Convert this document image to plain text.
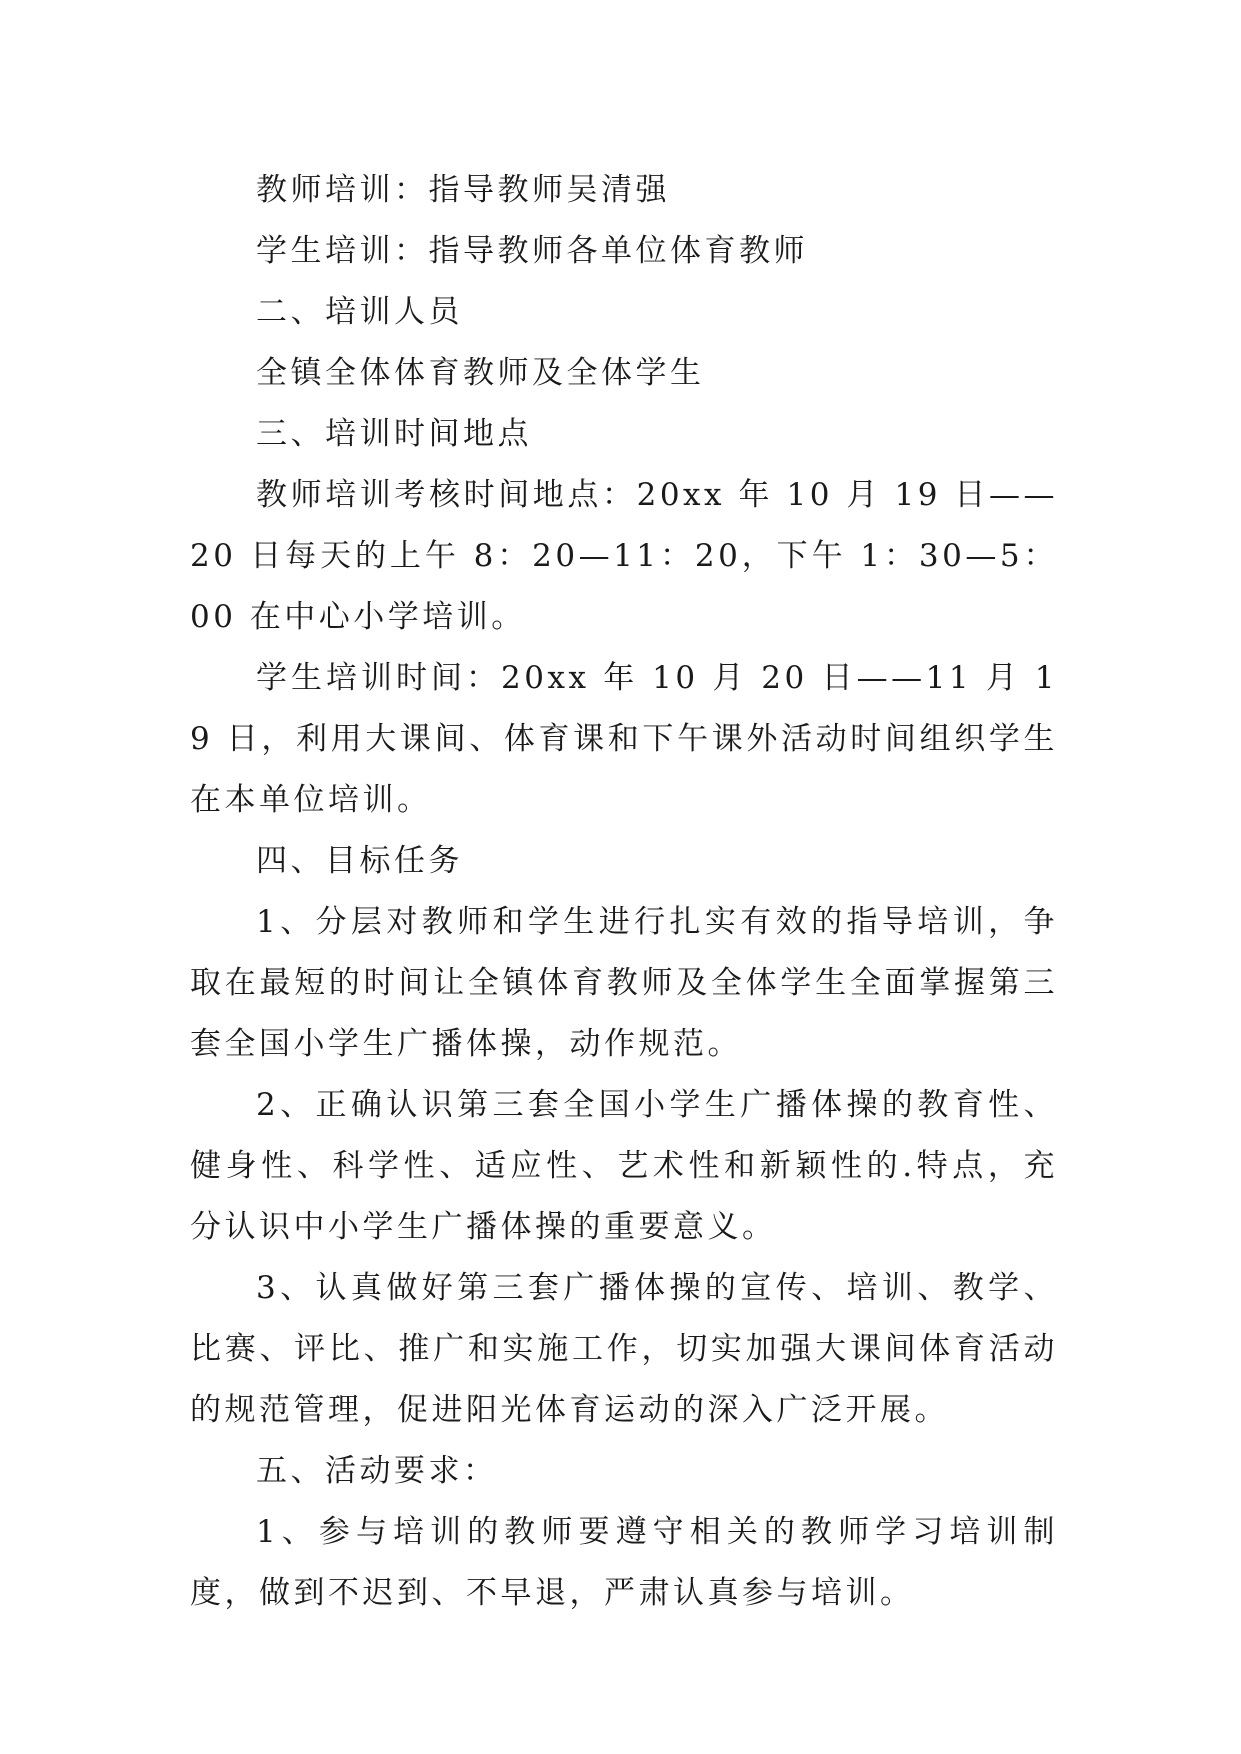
教师培训：指导教师吴清强

学生培训：指导教师各单位体育教师

二、培训人员

全镇全体体育教师及全体学生

三、培训时间地点

教师培训考核时间地点：20xx 年 10 月 19 日——20 日每天的上午 8：20—11：20，下午 1：30—5：00 在中心小学培训。

学生培训时间：20xx 年 10 月 20 日——11 月 19 日，利用大课间、体育课和下午课外活动时间组织学生在本单位培训。

四、目标任务

1、分层对教师和学生进行扎实有效的指导培训，争取在最短的时间让全镇体育教师及全体学生全面掌握第三套全国小学生广播体操，动作规范。

2、正确认识第三套全国小学生广播体操的教育性、健身性、科学性、适应性、艺术性和新颖性的.特点，充分认识中小学生广播体操的重要意义。

3、认真做好第三套广播体操的宣传、培训、教学、比赛、评比、推广和实施工作，切实加强大课间体育活动的规范管理，促进阳光体育运动的深入广泛开展。

五、活动要求：

1、参与培训的教师要遵守相关的教师学习培训制度，做到不迟到、不早退，严肃认真参与培训。
